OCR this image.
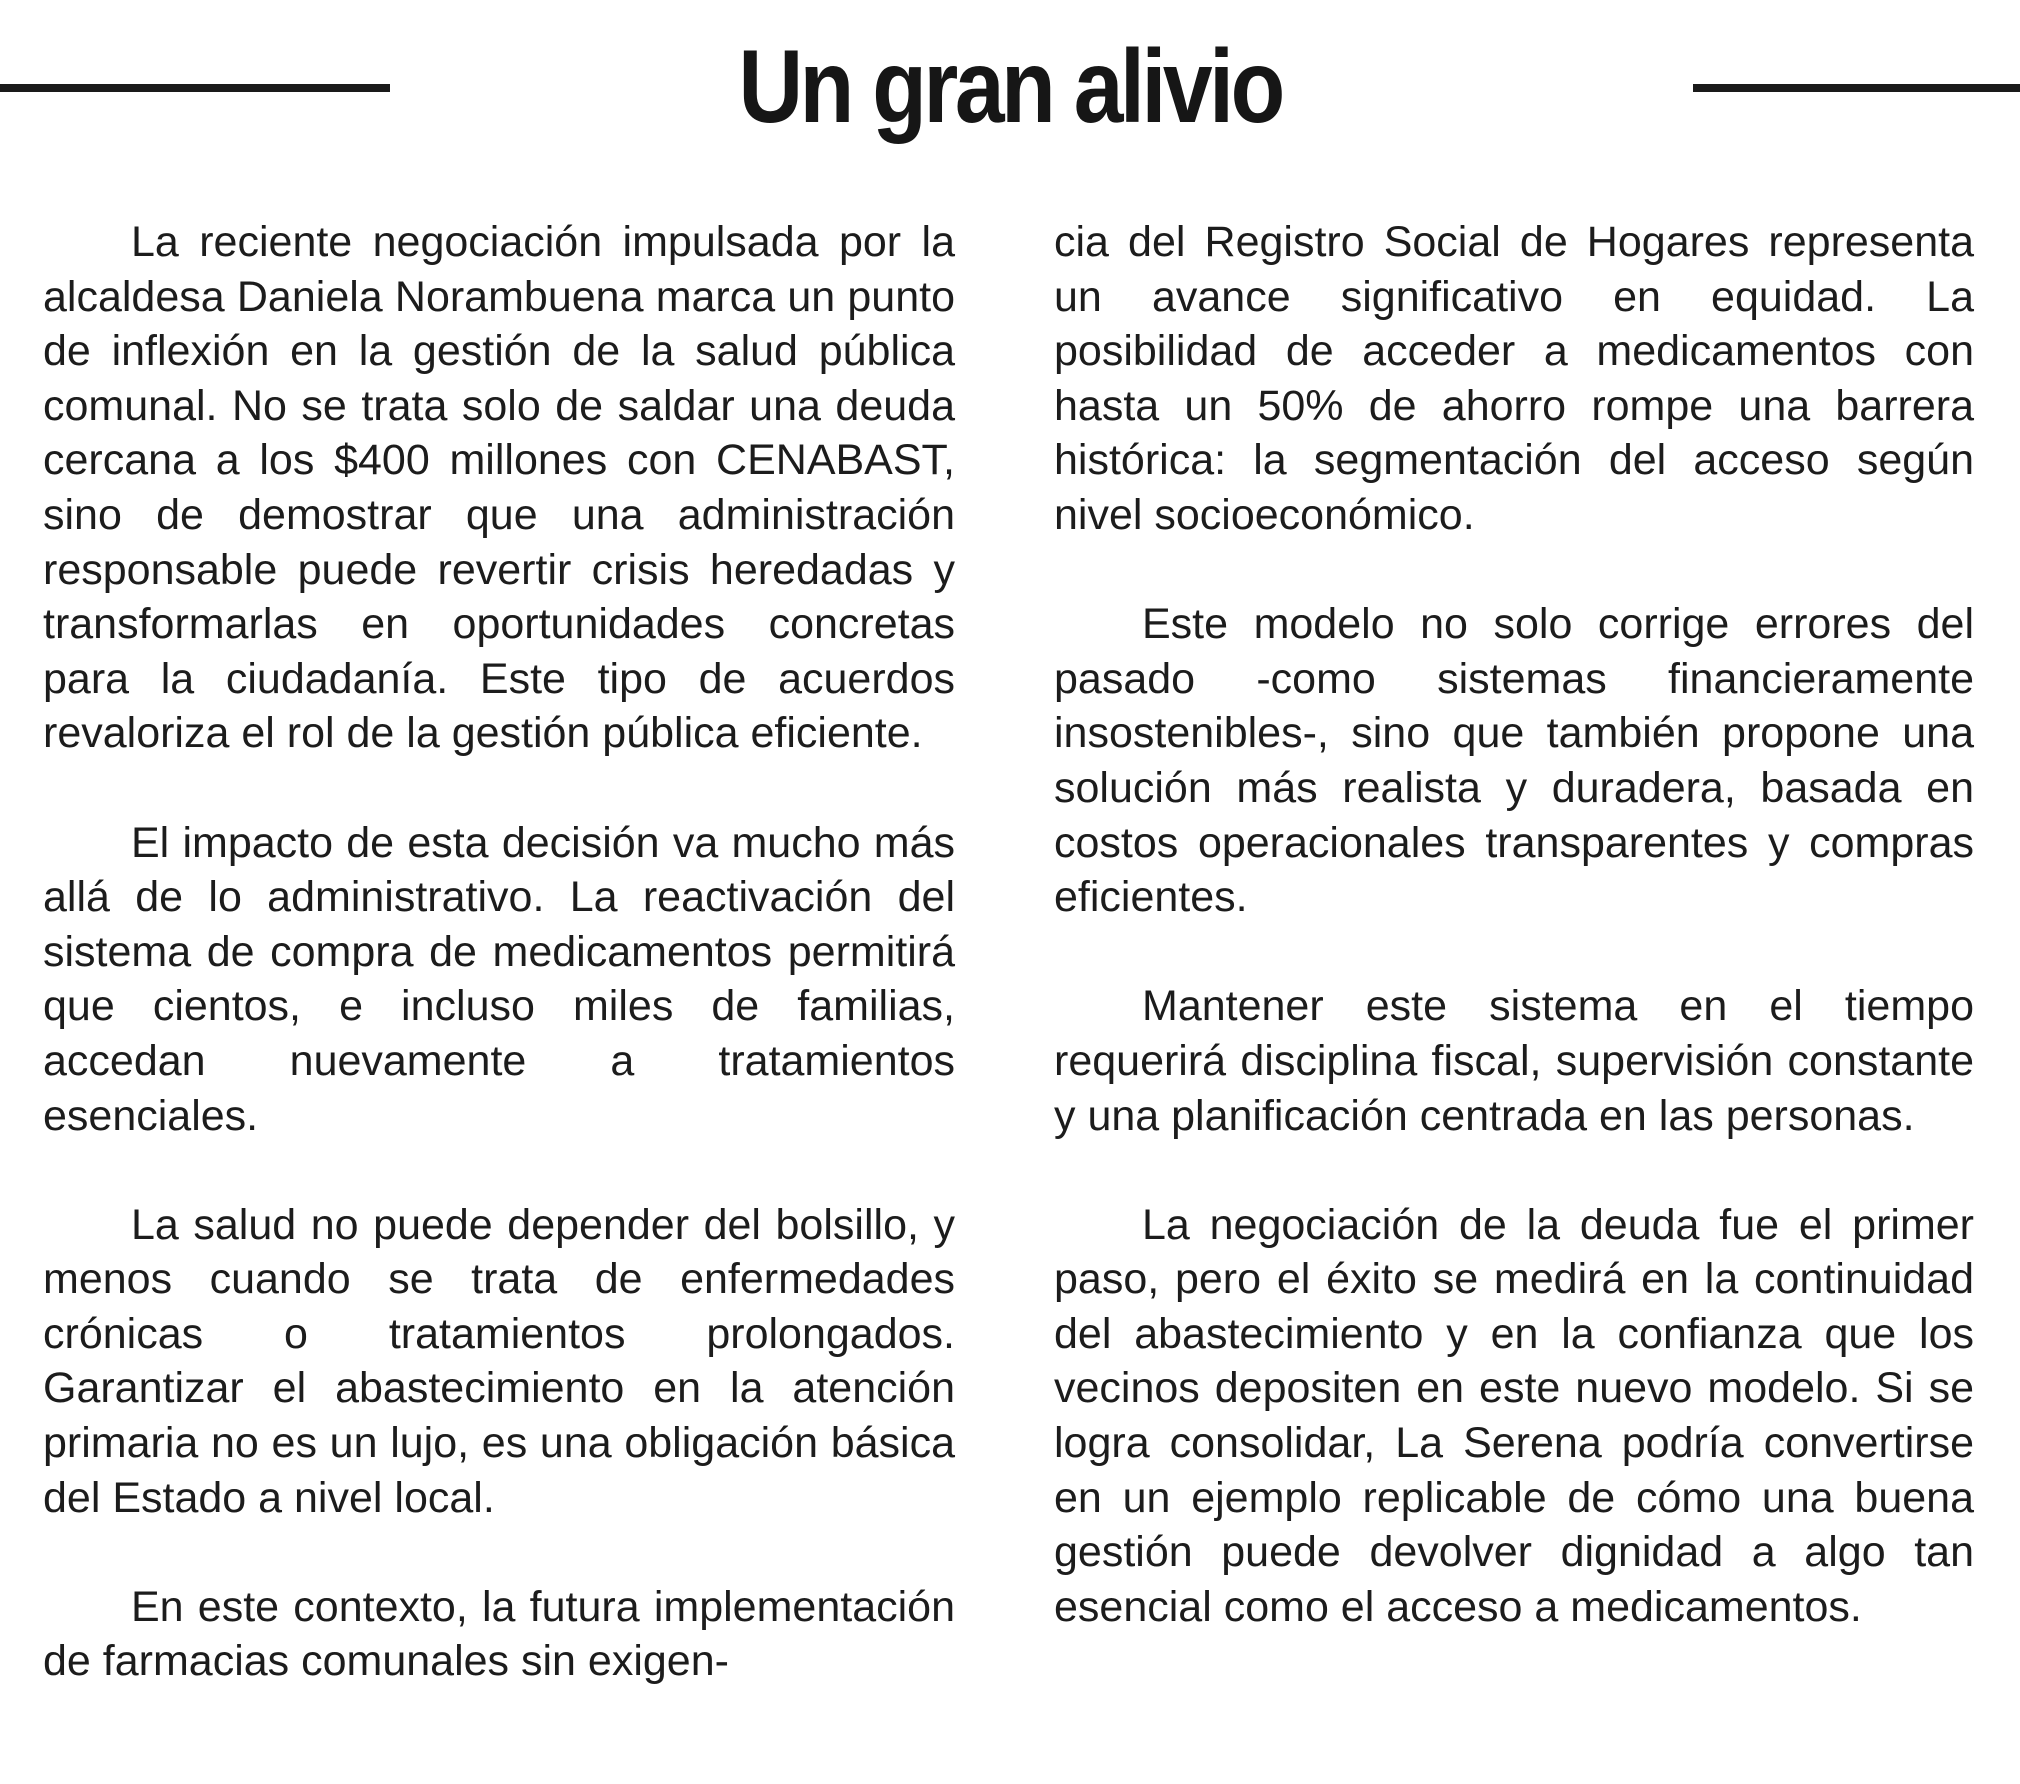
Un gran alivio

La reciente negociación impulsada por la alcaldesa Daniela Norambuena marca un punto de inflexión en la gestión de la salud pública comunal. No se trata solo de saldar una deuda cercana a los $400 millones con CENABAST, sino de demostrar que una administración responsable puede revertir crisis heredadas y transformarlas en oportunidades concretas para la ciudadanía. Este tipo de acuerdos revaloriza el rol de la gestión pública eficiente.

El impacto de esta decisión va mucho más allá de lo administrativo. La reactivación del sistema de compra de medicamentos permitirá que cientos, e incluso miles de familias, accedan nuevamente a tratamientos esenciales.

La salud no puede depender del bolsillo, y menos cuando se trata de enfermedades crónicas o tratamientos prolongados. Garantizar el abastecimiento en la atención primaria no es un lujo, es una obligación básica del Estado a nivel local.

En este contexto, la futura implementación de farmacias comunales sin exigen-

cia del Registro Social de Hogares representa un avance significativo en equidad. La posibilidad de acceder a medicamentos con hasta un 50% de ahorro rompe una barrera histórica: la segmentación del acceso según nivel socioeconómico.

Este modelo no solo corrige errores del pasado -como sistemas financieramente insostenibles-, sino que también propone una solución más realista y duradera, basada en costos operacionales transparentes y compras eficientes.

Mantener este sistema en el tiempo requerirá disciplina fiscal, supervisión constante y una planificación centrada en las personas.

La negociación de la deuda fue el primer paso, pero el éxito se medirá en la continuidad del abastecimiento y en la confianza que los vecinos depositen en este nuevo modelo. Si se logra consolidar, La Serena podría convertirse en un ejemplo replicable de cómo una buena gestión puede devolver dignidad a algo tan esencial como el acceso a medicamentos.
